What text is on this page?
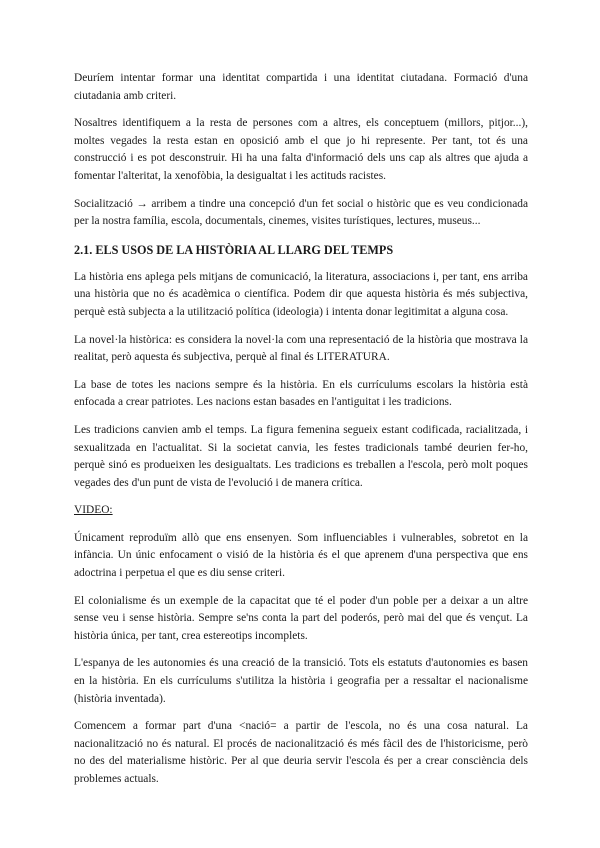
Deuríem intentar formar una identitat compartida i una identitat ciutadana. Formació d'una ciutadania amb criteri.

Nosaltres identifiquem a la resta de persones com a altres, els conceptuem (millors, pitjor...), moltes vegades la resta estan en oposició amb el que jo hi represente. Per tant, tot és una construcció i es pot desconstruir. Hi ha una falta d'informació dels uns cap als altres que ajuda a fomentar l'alteritat, la xenofòbia, la desigualtat i les actituds racistes.

Socialització → arribem a tindre una concepció d'un fet social o històric que es veu condicionada per la nostra família, escola, documentals, cinemes, visites turístiques, lectures, museus...

2.1. ELS USOS DE LA HISTÒRIA AL LLARG DEL TEMPS

La història ens aplega pels mitjans de comunicació, la literatura, associacions i, per tant, ens arriba una història que no és acadèmica o científica. Podem dir que aquesta història és més subjectiva, perquè està subjecta a la utilització política (ideologia) i intenta donar legitimitat a alguna cosa.

La novel·la històrica: es considera la novel·la com una representació de la història que mostrava la realitat, però aquesta és subjectiva, perquè al final és LITERATURA.

La base de totes les nacions sempre és la història. En els currículums escolars la història està enfocada a crear patriotes. Les nacions estan basades en l'antiguitat i les tradicions.

Les tradicions canvien amb el temps. La figura femenina segueix estant codificada, racialitzada, i sexualitzada en l'actualitat. Si la societat canvia, les festes tradicionals també deurien fer-ho, perquè sinó es produeixen les desigualtats. Les tradicions es treballen a l'escola, però molt poques vegades des d'un punt de vista de l'evolució i de manera crítica.

VIDEO:

Únicament reproduïm allò que ens ensenyen. Som influenciables i vulnerables, sobretot en la infància. Un únic enfocament o visió de la història és el que aprenem d'una perspectiva que ens adoctrina i perpetua el que es diu sense criteri.

El colonialisme és un exemple de la capacitat que té el poder d'un poble per a deixar a un altre sense veu i sense història. Sempre se'ns conta la part del poderós, però mai del que és vençut. La història única, per tant, crea estereotips incomplets.

L'espanya de les autonomies és una creació de la transició. Tots els estatuts d'autonomies es basen en la història. En els currículums s'utilitza la història i geografia per a ressaltar el nacionalisme (història inventada).

Comencem a formar part d'una <nació= a partir de l'escola, no és una cosa natural. La nacionalització no és natural. El procés de nacionalització és més fàcil des de l'historicisme, però no des del materialisme històric. Per al que deuria servir l'escola és per a crear consciència dels problemes actuals.
